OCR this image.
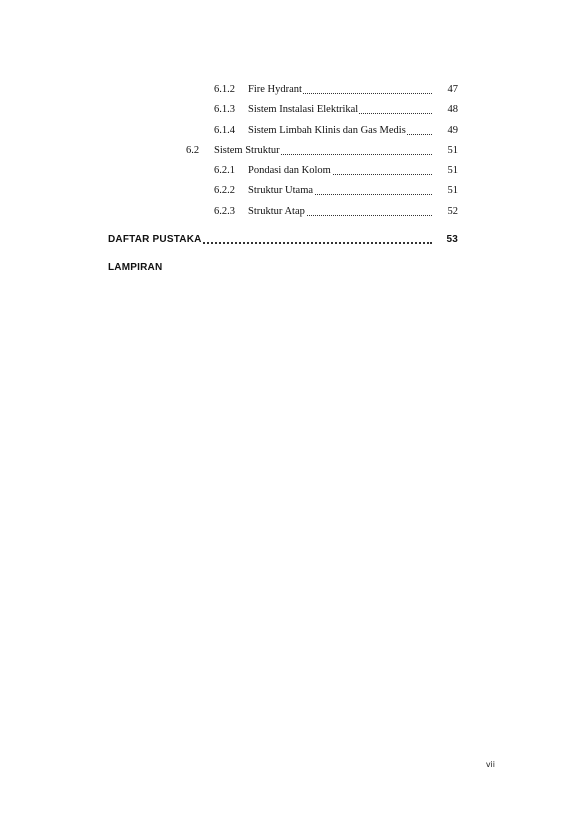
6.1.2	Fire Hydrant	47
6.1.3	Sistem Instalasi Elektrikal	48
6.1.4	Sistem Limbah Klinis dan Gas Medis	49
6.2	Sistem Struktur	51
6.2.1	Pondasi dan Kolom	51
6.2.2	Struktur Utama	51
6.2.3	Struktur Atap	52
DAFTAR PUSTAKA	53
LAMPIRAN
vii
